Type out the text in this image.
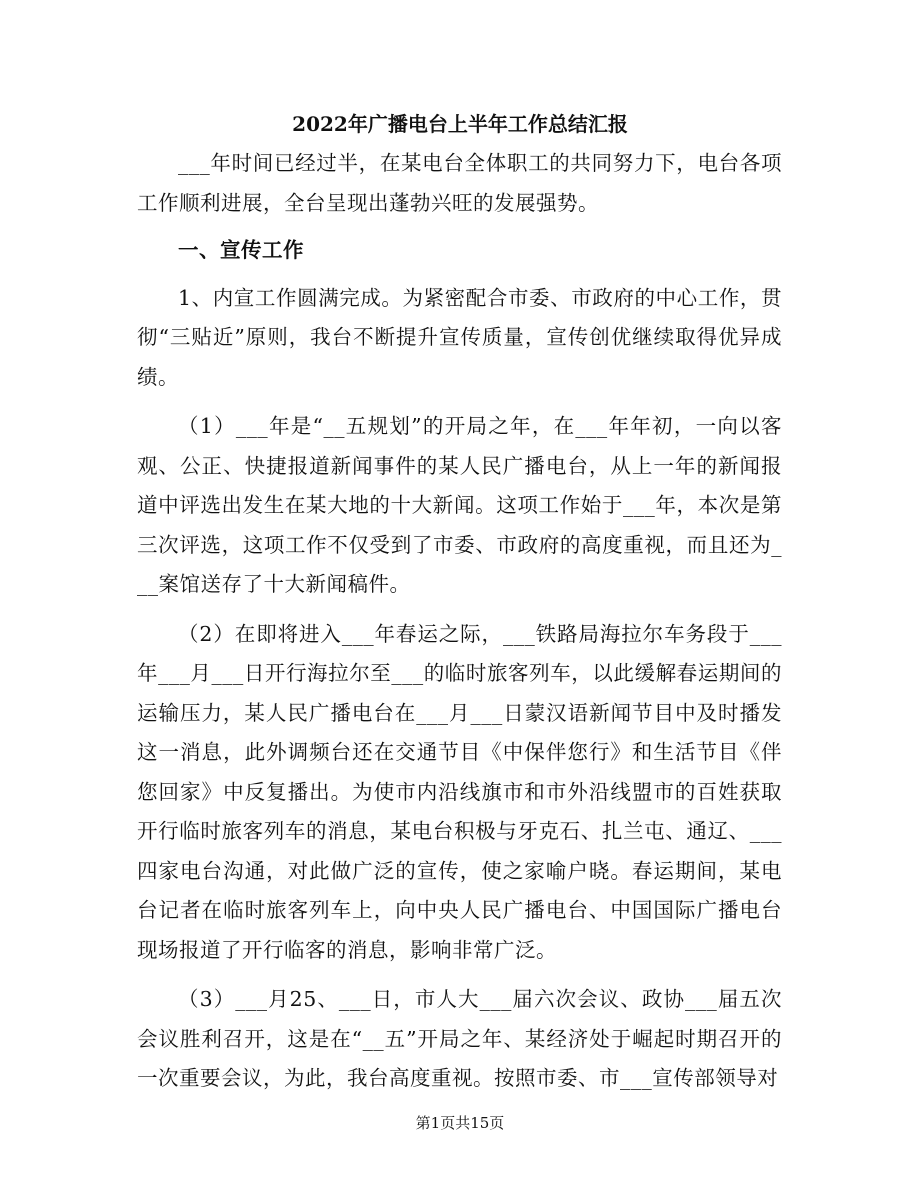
2022年广播电台上半年工作总结汇报

___年时间已经过半，在某电台全体职工的共同努力下，电台各项工作顺利进展，全台呈现出蓬勃兴旺的发展强势。

一、宣传工作

1、内宣工作圆满完成。为紧密配合市委、市政府的中心工作，贯彻“三贴近”原则，我台不断提升宣传质量，宣传创优继续取得优异成绩。

（1）___年是“__五规划”的开局之年，在___年年初，一向以客观、公正、快捷报道新闻事件的某人民广播电台，从上一年的新闻报道中评选出发生在某大地的十大新闻。这项工作始于___年，本次是第三次评选，这项工作不仅受到了市委、市政府的高度重视，而且还为___案馆送存了十大新闻稿件。

（2）在即将进入___年春运之际，___铁路局海拉尔车务段于___年___月___日开行海拉尔至___的临时旅客列车，以此缓解春运期间的运输压力，某人民广播电台在___月___日蒙汉语新闻节目中及时播发这一消息，此外调频台还在交通节目《中保伴您行》和生活节目《伴您回家》中反复播出。为使市内沿线旗市和市外沿线盟市的百姓获取开行临时旅客列车的消息，某电台积极与牙克石、扎兰屯、通辽、___四家电台沟通，对此做广泛的宣传，使之家喻户晓。春运期间，某电台记者在临时旅客列车上，向中央人民广播电台、中国国际广播电台现场报道了开行临客的消息，影响非常广泛。

（3）___月25、___日，市人大___届六次会议、政协___届五次会议胜利召开，这是在“__五”开局之年、某经济处于崛起时期召开的一次重要会议，为此，我台高度重视。按照市委、市___宣传部领导对

第1页共15页
